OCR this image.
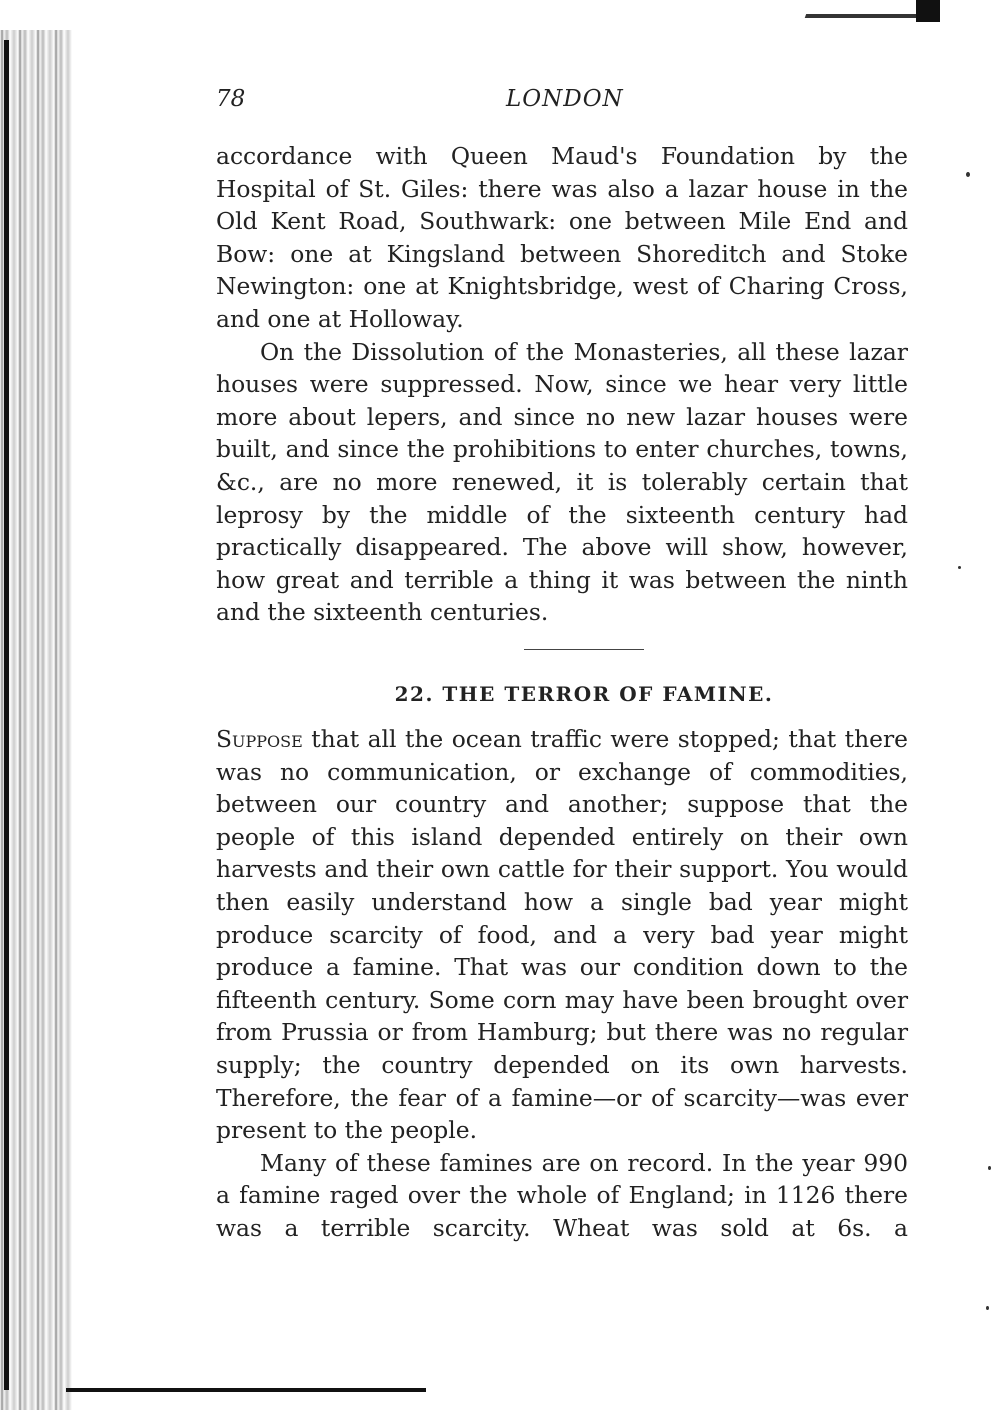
78	LONDON

accordance with Queen Maud's Foundation by the Hospital of St. Giles: there was also a lazar house in the Old Kent Road, Southwark: one between Mile End and Bow: one at Kingsland between Shoreditch and Stoke Newington: one at Knightsbridge, west of Charing Cross, and one at Holloway.

On the Dissolution of the Monasteries, all these lazar houses were suppressed. Now, since we hear very little more about lepers, and since no new lazar houses were built, and since the prohibitions to enter churches, towns, &c., are no more renewed, it is tolerably certain that leprosy by the middle of the sixteenth century had practically disappeared. The above will show, however, how great and terrible a thing it was between the ninth and the sixteenth centuries.

22. THE TERROR OF FAMINE.

Suppose that all the ocean traffic were stopped; that there was no communication, or exchange of commodities, between our country and another; suppose that the people of this island depended entirely on their own harvests and their own cattle for their support. You would then easily understand how a single bad year might produce scarcity of food, and a very bad year might produce a famine. That was our condition down to the fifteenth century. Some corn may have been brought over from Prussia or from Hamburg; but there was no regular supply; the country depended on its own harvests. Therefore, the fear of a famine—or of scarcity—was ever present to the people.

Many of these famines are on record. In the year 990 a famine raged over the whole of England; in 1126 there was a terrible scarcity. Wheat was sold at 6s. a
